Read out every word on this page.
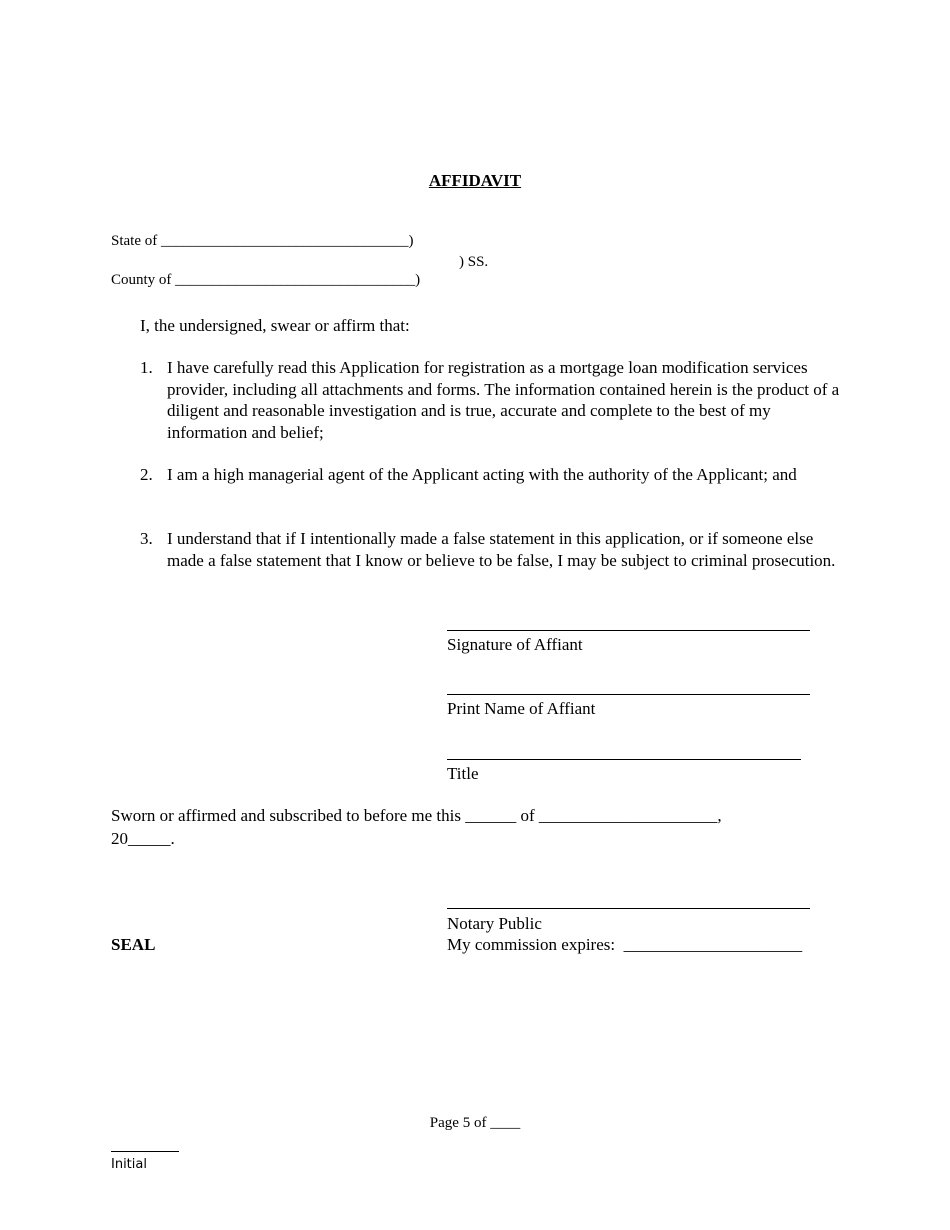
AFFIDAVIT
State of _________________________________)
) SS.
County of ________________________________)
I, the undersigned, swear or affirm that:
1. I have carefully read this Application for registration as a mortgage loan modification services provider, including all attachments and forms. The information contained herein is the product of a diligent and reasonable investigation and is true, accurate and complete to the best of my information and belief;
2. I am a high managerial agent of the Applicant acting with the authority of the Applicant; and
3. I understand that if I intentionally made a false statement in this application, or if someone else made a false statement that I know or believe to be false, I may be subject to criminal prosecution.
Signature of Affiant
Print Name of Affiant
Title
Sworn or affirmed and subscribed to before me this ______ of _____________________,
20_____.
Notary Public
My commission expires:  _____________________
SEAL
Page 5 of ____
Initial
